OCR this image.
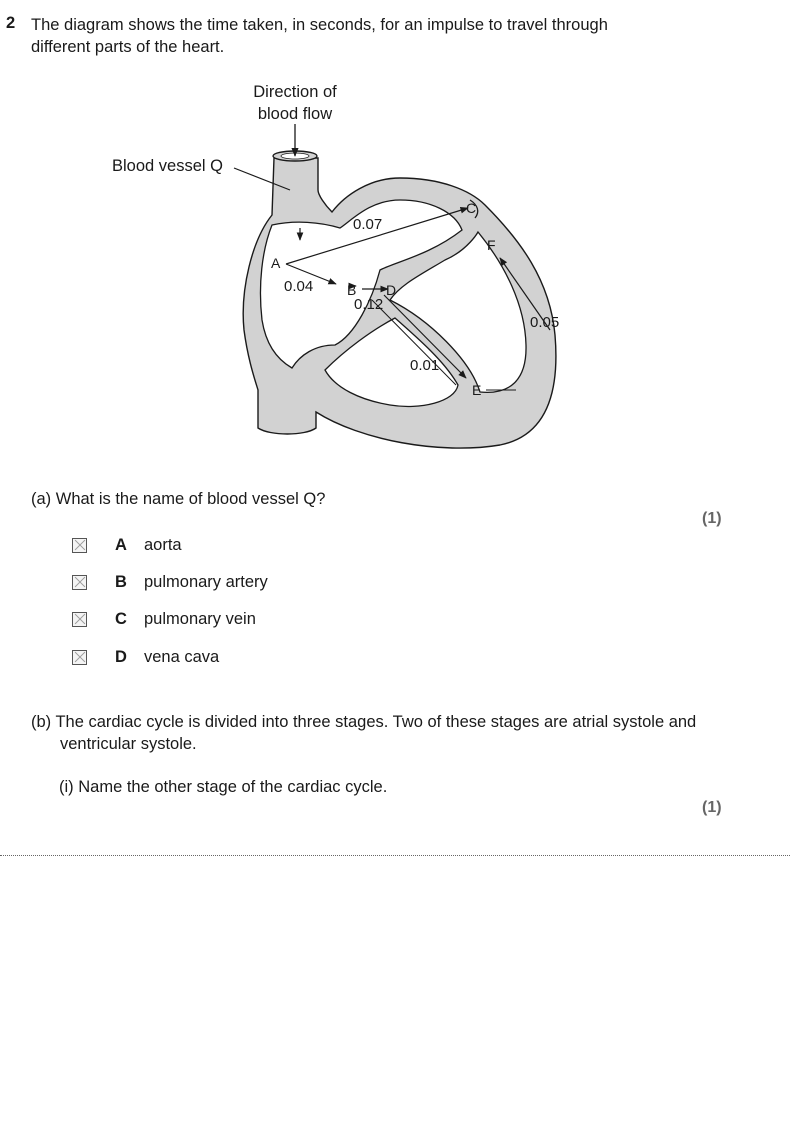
2 The diagram shows the time taken, in seconds, for an impulse to travel through different parts of the heart.
Direction of
blood flow
Blood vessel Q
A
B
C
D
E
F
0.07
0.04
0.12
0.01
0.05
(a) What is the name of blood vessel Q?
(1)
A aorta
B pulmonary artery
C pulmonary vein
D vena cava
(b) The cardiac cycle is divided into three stages. Two of these stages are atrial systole and ventricular systole.
(i) Name the other stage of the cardiac cycle.
(1)
